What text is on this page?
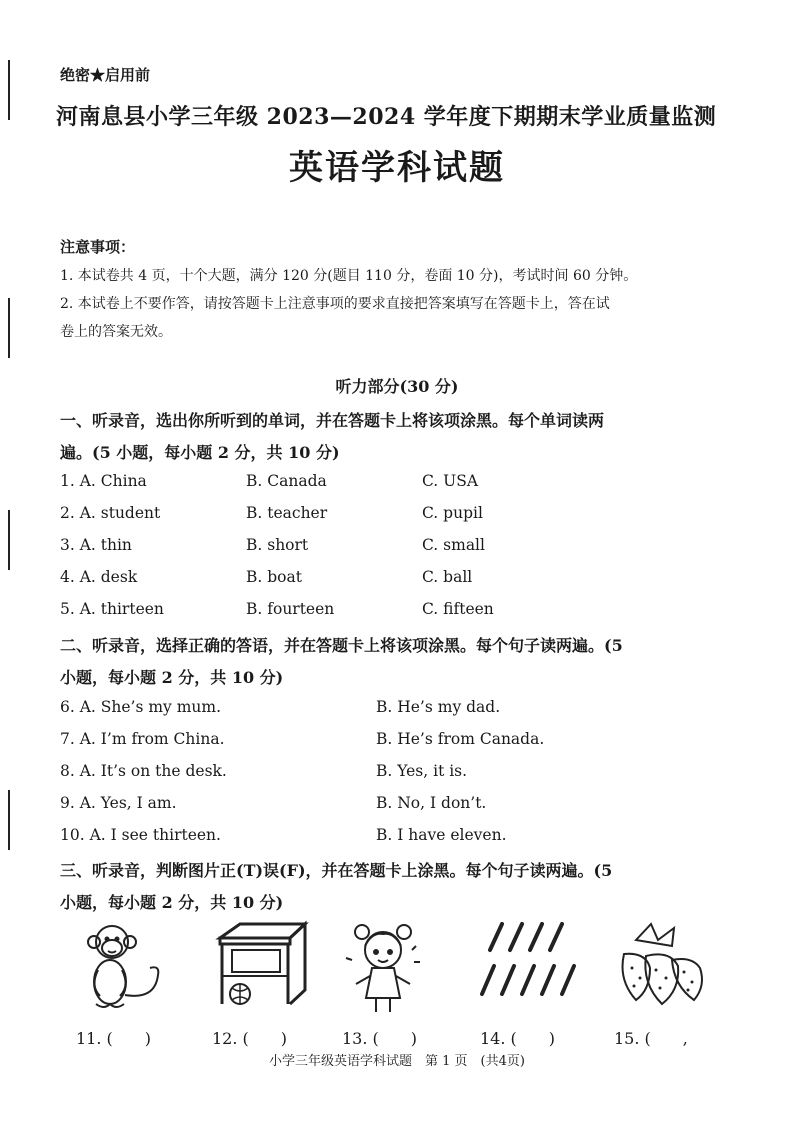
绝密★启用前
河南息县小学三年级 2023—2024 学年度下期期末学业质量监测
英语学科试题
注意事项：
1. 本试卷共 4 页，十个大题，满分 120 分(题目 110 分，卷面 10 分)，考试时间 60 分钟。
2. 本试卷上不要作答，请按答题卡上注意事项的要求直接把答案填写在答题卡上，答在试
卷上的答案无效。
听力部分(30 分)
一、听录音，选出你所听到的单词，并在答题卡上将该项涂黑。每个单词读两
遍。(5 小题，每小题 2 分，共 10 分)
1. A. China	B. Canada	C. USA
2. A. student	B. teacher	C. pupil
3. A. thin	B. short	C. small
4. A. desk	B. boat	C. ball
5. A. thirteen	B. fourteen	C. fifteen
二、听录音，选择正确的答语，并在答题卡上将该项涂黑。每个句子读两遍。(5
小题，每小题 2 分，共 10 分)
6. A. She’s my mum.	B. He’s my dad.
7. A. I’m from China.	B. He’s from Canada.
8. A. It’s on the desk.	B. Yes, it is.
9. A. Yes, I am.	B. No, I don’t.
10. A. I see thirteen.	B. I have eleven.
三、听录音，判断图片正(T)误(F)，并在答题卡上涂黑。每个句子读两遍。(5
小题，每小题 2 分，共 10 分)
11. (　　)	12. (　　)	13. (　　)	14. (　　)	15. (　　,
小学三年级英语学科试题　第 1 页　(共4页)
